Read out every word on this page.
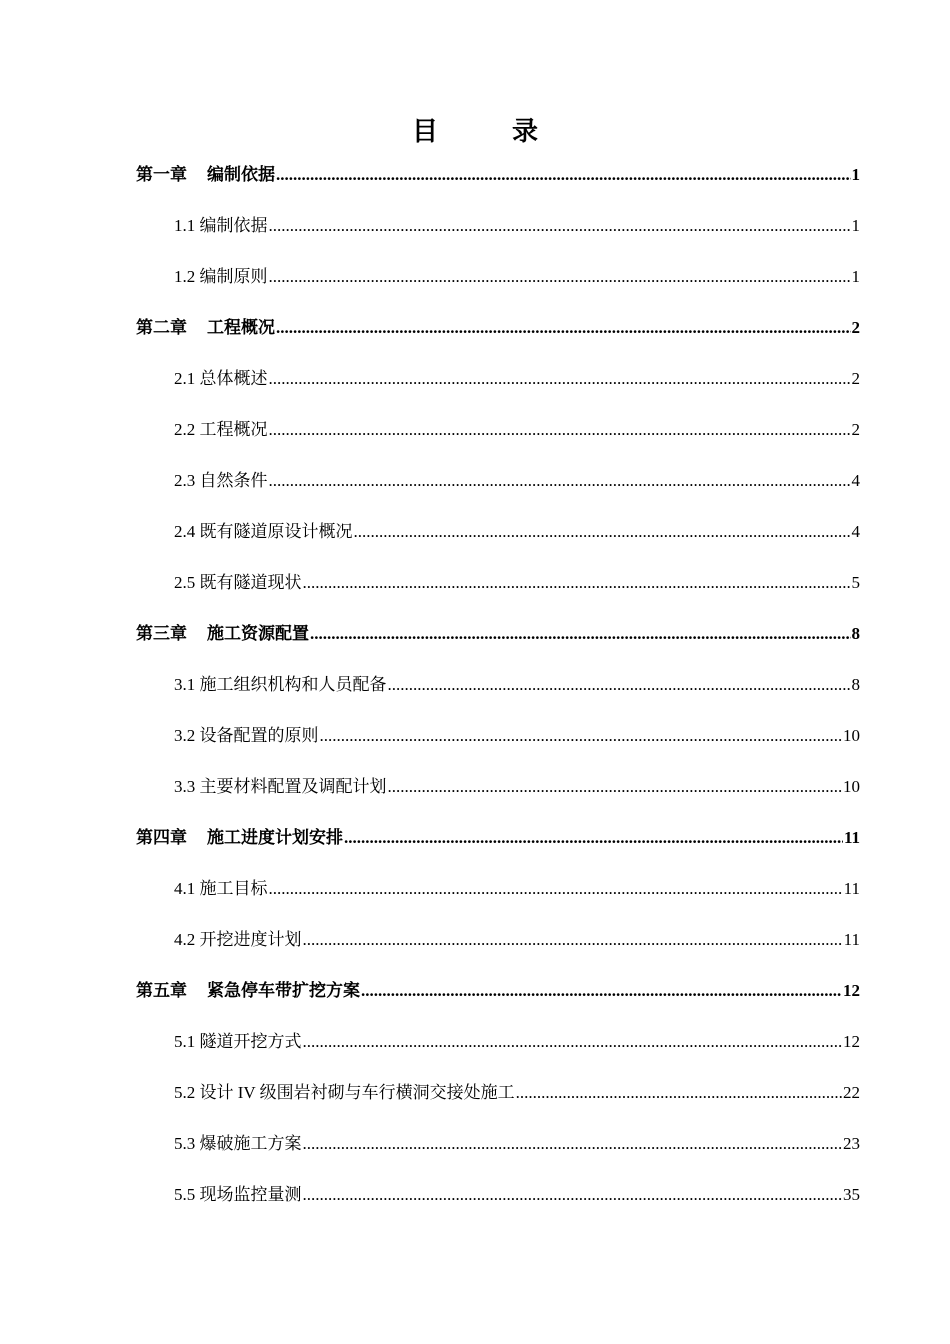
目　录
第一章 编制依据 .....	1
1.1 编制依据 .....	1
1.2 编制原则 .....	1
第二章 工程概况 .....	2
2.1 总体概述 .....	2
2.2 工程概况 .....	2
2.3 自然条件 .....	4
2.4 既有隧道原设计概况 .....	4
2.5 既有隧道现状 .....	5
第三章 施工资源配置 .....	8
3.1 施工组织机构和人员配备 .....	8
3.2 设备配置的原则 .....	10
3.3 主要材料配置及调配计划 .....	10
第四章 施工进度计划安排 .....	11
4.1 施工目标 .....	11
4.2 开挖进度计划 .....	11
第五章 紧急停车带扩挖方案 .....	12
5.1 隧道开挖方式 .....	12
5.2 设计 IV 级围岩衬砌与车行横洞交接处施工 .....	22
5.3 爆破施工方案 .....	23
5.5 现场监控量测 .....	35
